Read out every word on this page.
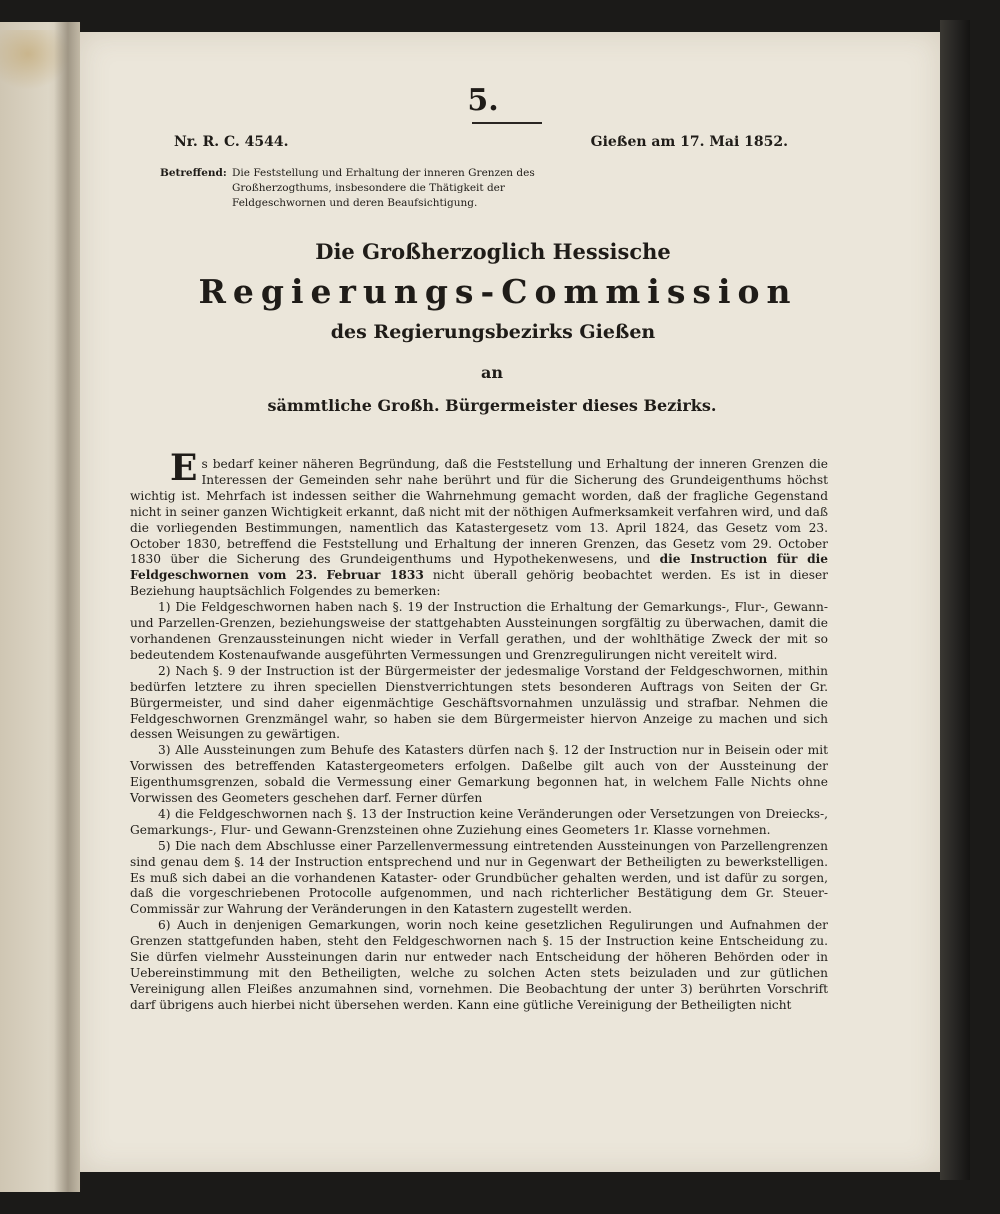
5.
Nr. R. C. 4544.	Gießen am 17. Mai 1852.
Betreffend: Die Feststellung und Erhaltung der inneren Grenzen des Großherzogthums, insbesondere die Thätigkeit der Feldgeschwornen und deren Beaufsichtigung.
Die Großherzoglich Hessische
Regierungs-Commission
des Regierungsbezirks Gießen
an
sämmtliche Großh. Bürgermeister dieses Bezirks.

Es bedarf keiner näheren Begründung, daß die Feststellung und Erhaltung der inneren Grenzen die Interessen der Gemeinden sehr nahe berührt und für die Sicherung des Grundeigenthums höchst wichtig ist. Mehrfach ist indessen seither die Wahrnehmung gemacht worden, daß der fragliche Gegenstand nicht in seiner ganzen Wichtigkeit erkannt, daß nicht mit der nöthigen Aufmerksamkeit verfahren wird, und daß die vorliegenden Bestimmungen, namentlich das Katastergesetz vom 13. April 1824, das Gesetz vom 23. October 1830, betreffend die Feststellung und Erhaltung der inneren Grenzen, das Gesetz vom 29. October 1830 über die Sicherung des Grundeigenthums und Hypothekenwesens, und die Instruction für die Feldgeschwornen vom 23. Februar 1833 nicht überall gehörig beobachtet werden. Es ist in dieser Beziehung hauptsächlich Folgendes zu bemerken:

1) Die Feldgeschwornen haben nach §. 19 der Instruction die Erhaltung der Gemarkungs-, Flur-, Gewann- und Parzellen-Grenzen, beziehungsweise der stattgehabten Aussteinungen sorgfältig zu überwachen, damit die vorhandenen Grenzaussteinungen nicht wieder in Verfall gerathen, und der wohlthätige Zweck der mit so bedeutendem Kostenaufwande ausgeführten Vermessungen und Grenzregulirungen nicht vereitelt wird.

2) Nach §. 9 der Instruction ist der Bürgermeister der jedesmalige Vorstand der Feldgeschwornen, mithin bedürfen letztere zu ihren speciellen Dienstverrichtungen stets besonderen Auftrags von Seiten der Gr. Bürgermeister, und sind daher eigenmächtige Geschäftsvornahmen unzulässig und strafbar. Nehmen die Feldgeschwornen Grenzmängel wahr, so haben sie dem Bürgermeister hiervon Anzeige zu machen und sich dessen Weisungen zu gewärtigen.

3) Alle Aussteinungen zum Behufe des Katasters dürfen nach §. 12 der Instruction nur in Beisein oder mit Vorwissen des betreffenden Katastergeometers erfolgen. Daßelbe gilt auch von der Aussteinung der Eigenthumsgrenzen, sobald die Vermessung einer Gemarkung begonnen hat, in welchem Falle Nichts ohne Vorwissen des Geometers geschehen darf. Ferner dürfen

4) die Feldgeschwornen nach §. 13 der Instruction keine Veränderungen oder Versetzungen von Dreiecks-, Gemarkungs-, Flur- und Gewann-Grenzsteinen ohne Zuziehung eines Geometers 1r. Klasse vornehmen.

5) Die nach dem Abschlusse einer Parzellenvermessung eintretenden Aussteinungen von Parzellengrenzen sind genau dem §. 14 der Instruction entsprechend und nur in Gegenwart der Betheiligten zu bewerkstelligen. Es muß sich dabei an die vorhandenen Kataster- oder Grundbücher gehalten werden, und ist dafür zu sorgen, daß die vorgeschriebenen Protocolle aufgenommen, und nach richterlicher Bestätigung dem Gr. Steuer-Commissär zur Wahrung der Veränderungen in den Katastern zugestellt werden.

6) Auch in denjenigen Gemarkungen, worin noch keine gesetzlichen Regulirungen und Aufnahmen der Grenzen stattgefunden haben, steht den Feldgeschwornen nach §. 15 der Instruction keine Entscheidung zu. Sie dürfen vielmehr Aussteinungen darin nur entweder nach Entscheidung der höheren Behörden oder in Uebereinstimmung mit den Betheiligten, welche zu solchen Acten stets beizuladen und zur gütlichen Vereinigung allen Fleißes anzumahnen sind, vornehmen. Die Beobachtung der unter 3) berührten Vorschrift darf übrigens auch hierbei nicht übersehen werden. Kann eine gütliche Vereinigung der Betheiligten nicht
